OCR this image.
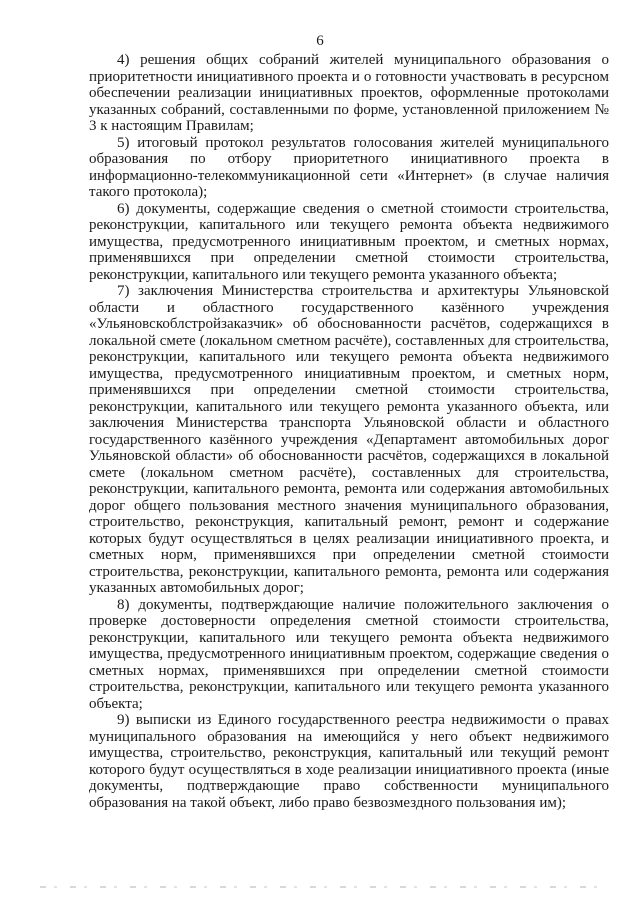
6

4) решения общих собраний жителей муниципального образования о приоритетности инициативного проекта и о готовности участвовать в ресурсном обеспечении реализации инициативных проектов, оформленные протоколами указанных собраний, составленными по форме, установленной приложением № 3 к настоящим Правилам;

5) итоговый протокол результатов голосования жителей муниципального образования по отбору приоритетного инициативного проекта в информационно-телекоммуникационной сети «Интернет» (в случае наличия такого протокола);

6) документы, содержащие сведения о сметной стоимости строительства, реконструкции, капитального или текущего ремонта объекта недвижимого имущества, предусмотренного инициативным проектом, и сметных нормах, применявшихся при определении сметной стоимости строительства, реконструкции, капитального или текущего ремонта указанного объекта;

7) заключения Министерства строительства и архитектуры Ульяновской области и областного государственного казённого учреждения «Ульяновскоблстройзаказчик» об обоснованности расчётов, содержащихся в локальной смете (локальном сметном расчёте), составленных для строительства, реконструкции, капитального или текущего ремонта объекта недвижимого имущества, предусмотренного инициативным проектом, и сметных норм, применявшихся при определении сметной стоимости строительства, реконструкции, капитального или текущего ремонта указанного объекта, или заключения Министерства транспорта Ульяновской области и областного государственного казённого учреждения «Департамент автомобильных дорог Ульяновской области» об обоснованности расчётов, содержащихся в локальной смете (локальном сметном расчёте), составленных для строительства, реконструкции, капитального ремонта, ремонта или содержания автомобильных дорог общего пользования местного значения муниципального образования, строительство, реконструкция, капитальный ремонт, ремонт и содержание которых будут осуществляться в целях реализации инициативного проекта, и сметных норм, применявшихся при определении сметной стоимости строительства, реконструкции, капитального ремонта, ремонта или содержания указанных автомобильных дорог;

8) документы, подтверждающие наличие положительного заключения о проверке достоверности определения сметной стоимости строительства, реконструкции, капитального или текущего ремонта объекта недвижимого имущества, предусмотренного инициативным проектом, содержащие сведения о сметных нормах, применявшихся при определении сметной стоимости строительства, реконструкции, капитального или текущего ремонта указанного объекта;

9) выписки из Единого государственного реестра недвижимости о правах муниципального образования на имеющийся у него объект недвижимого имущества, строительство, реконструкция, капитальный или текущий ремонт которого будут осуществляться в ходе реализации инициативного проекта (иные документы, подтверждающие право собственности муниципального образования на такой объект, либо право безвозмездного пользования им);
